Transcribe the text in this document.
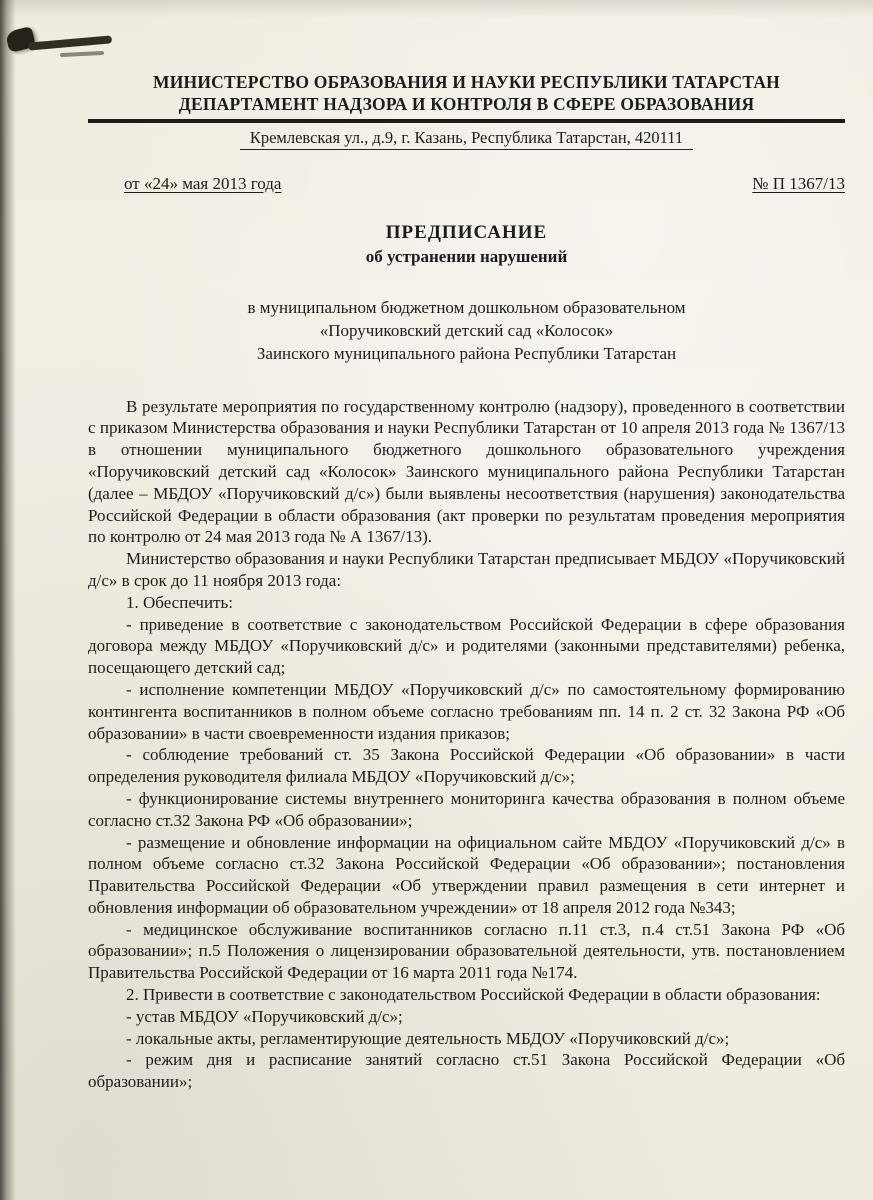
МИНИСТЕРСТВО ОБРАЗОВАНИЯ И НАУКИ РЕСПУБЛИКИ ТАТАРСТАН
ДЕПАРТАМЕНТ НАДЗОРА И КОНТРОЛЯ В СФЕРЕ ОБРАЗОВАНИЯ
Кремлевская ул., д.9, г. Казань, Республика Татарстан, 420111
от «24» мая 2013 года	№ П 1367/13
ПРЕДПИСАНИЕ
об устранении нарушений
в муниципальном бюджетном дошкольном образовательном
«Поручиковский детский сад «Колосок»
Заинского муниципального района Республики Татарстан

В результате мероприятия по государственному контролю (надзору), проведенного в соответствии с приказом Министерства образования и науки Республики Татарстан от 10 апреля 2013 года № 1367/13 в отношении муниципального бюджетного дошкольного образовательного учреждения «Поручиковский детский сад «Колосок» Заинского муниципального района Республики Татарстан (далее – МБДОУ «Поручиковский д/с») были выявлены несоответствия (нарушения) законодательства Российской Федерации в области образования (акт проверки по результатам проведения мероприятия по контролю от 24 мая 2013 года № А 1367/13).

Министерство образования и науки Республики Татарстан предписывает МБДОУ «Поручиковский д/с» в срок до 11 ноября 2013 года:

1. Обеспечить:

- приведение в соответствие с законодательством Российской Федерации в сфере образования договора между МБДОУ «Поручиковский д/с» и родителями (законными представителями) ребенка, посещающего детский сад;

- исполнение компетенции МБДОУ «Поручиковский д/с» по самостоятельному формированию контингента воспитанников в полном объеме согласно требованиям пп. 14 п. 2 ст. 32 Закона РФ «Об образовании» в части своевременности издания приказов;

- соблюдение требований ст. 35 Закона Российской Федерации «Об образовании» в части определения руководителя филиала МБДОУ «Поручиковский д/с»;

- функционирование системы внутреннего мониторинга качества образования в полном объеме согласно ст.32 Закона РФ «Об образовании»;

- размещение и обновление информации на официальном сайте МБДОУ «Поручиковский д/с» в полном объеме согласно ст.32 Закона Российской Федерации «Об образовании»; постановления Правительства Российской Федерации «Об утверждении правил размещения в сети интернет и обновления информации об образовательном учреждении» от 18 апреля 2012 года №343;

- медицинское обслуживание воспитанников согласно п.11 ст.3, п.4 ст.51 Закона РФ «Об образовании»; п.5 Положения о лицензировании образовательной деятельности, утв. постановлением Правительства Российской Федерации от 16 марта 2011 года №174.

2. Привести в соответствие с законодательством Российской Федерации в области образования:

- устав МБДОУ «Поручиковский д/с»;

- локальные акты, регламентирующие деятельность МБДОУ «Поручиковский д/с»;

- режим дня и расписание занятий согласно ст.51 Закона Российской Федерации «Об образовании»;
